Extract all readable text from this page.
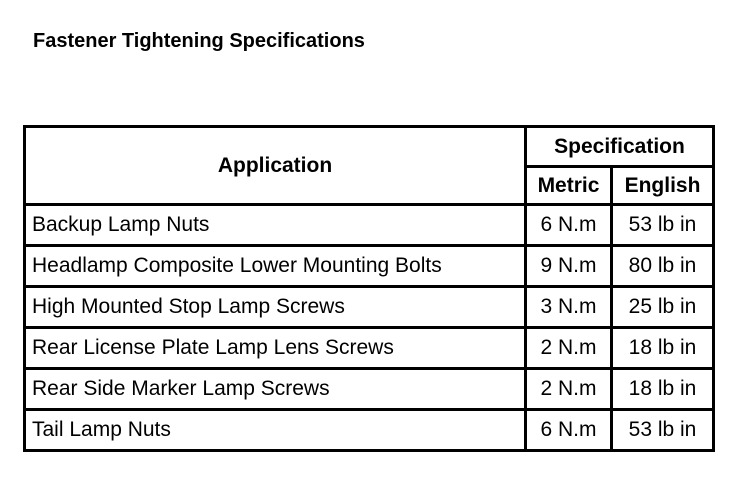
Fastener Tightening Specifications
Application	Specification	
	Metric	English
Backup Lamp Nuts	6 N.m	53 lb in
Headlamp Composite Lower Mounting Bolts	9 N.m	80 lb in
High Mounted Stop Lamp Screws	3 N.m	25 lb in
Rear License Plate Lamp Lens Screws	2 N.m	18 lb in
Rear Side Marker Lamp Screws	2 N.m	18 lb in
Tail Lamp Nuts	6 N.m	53 lb in
